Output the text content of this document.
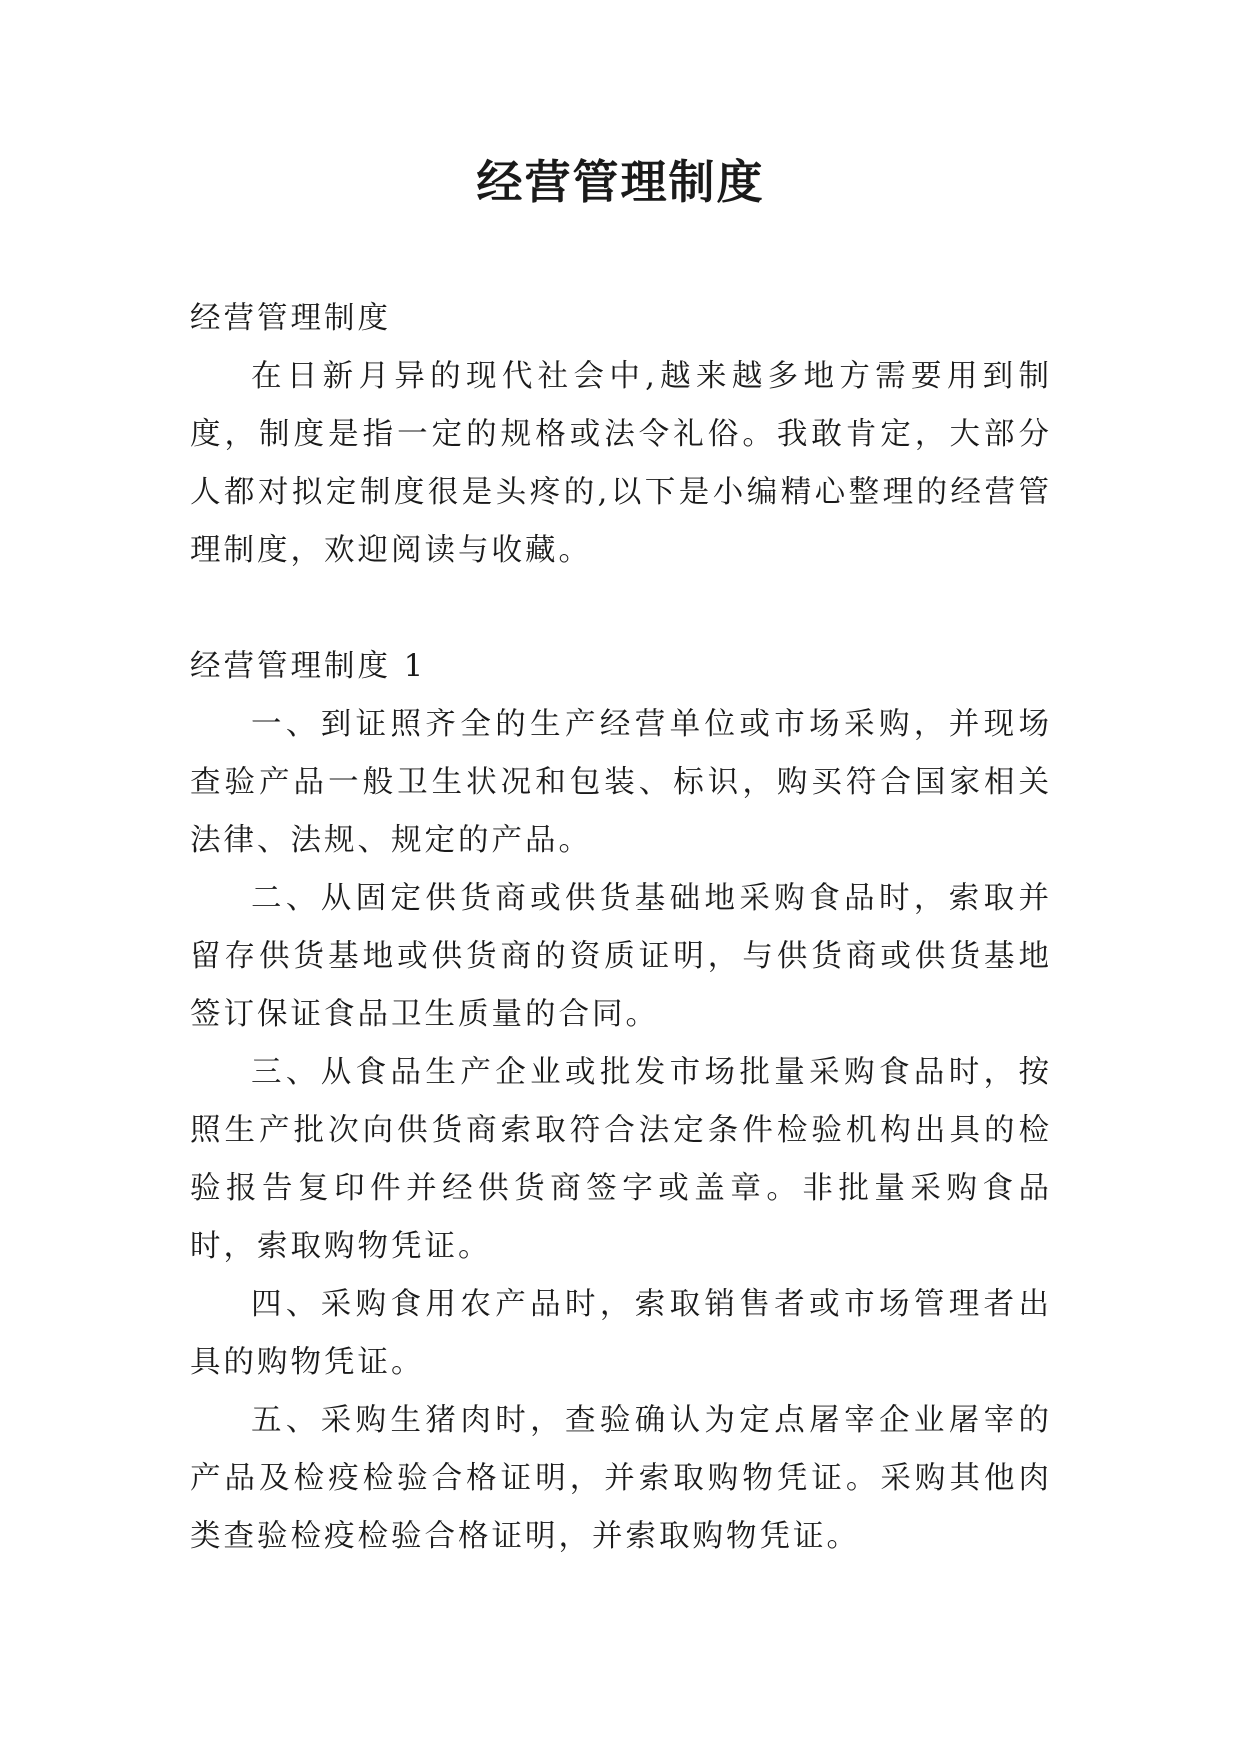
经营管理制度

经营管理制度

在日新月异的现代社会中,越来越多地方需要用到制度，制度是指一定的规格或法令礼俗。我敢肯定，大部分人都对拟定制度很是头疼的,以下是小编精心整理的经营管理制度，欢迎阅读与收藏。

经营管理制度 1

一、到证照齐全的生产经营单位或市场采购，并现场查验产品一般卫生状况和包装、标识，购买符合国家相关法律、法规、规定的产品。

二、从固定供货商或供货基础地采购食品时，索取并留存供货基地或供货商的资质证明，与供货商或供货基地签订保证食品卫生质量的合同。

三、从食品生产企业或批发市场批量采购食品时，按照生产批次向供货商索取符合法定条件检验机构出具的检验报告复印件并经供货商签字或盖章。非批量采购食品时，索取购物凭证。

四、采购食用农产品时，索取销售者或市场管理者出具的购物凭证。

五、采购生猪肉时，查验确认为定点屠宰企业屠宰的产品及检疫检验合格证明，并索取购物凭证。采购其他肉类查验检疫检验合格证明，并索取购物凭证。
